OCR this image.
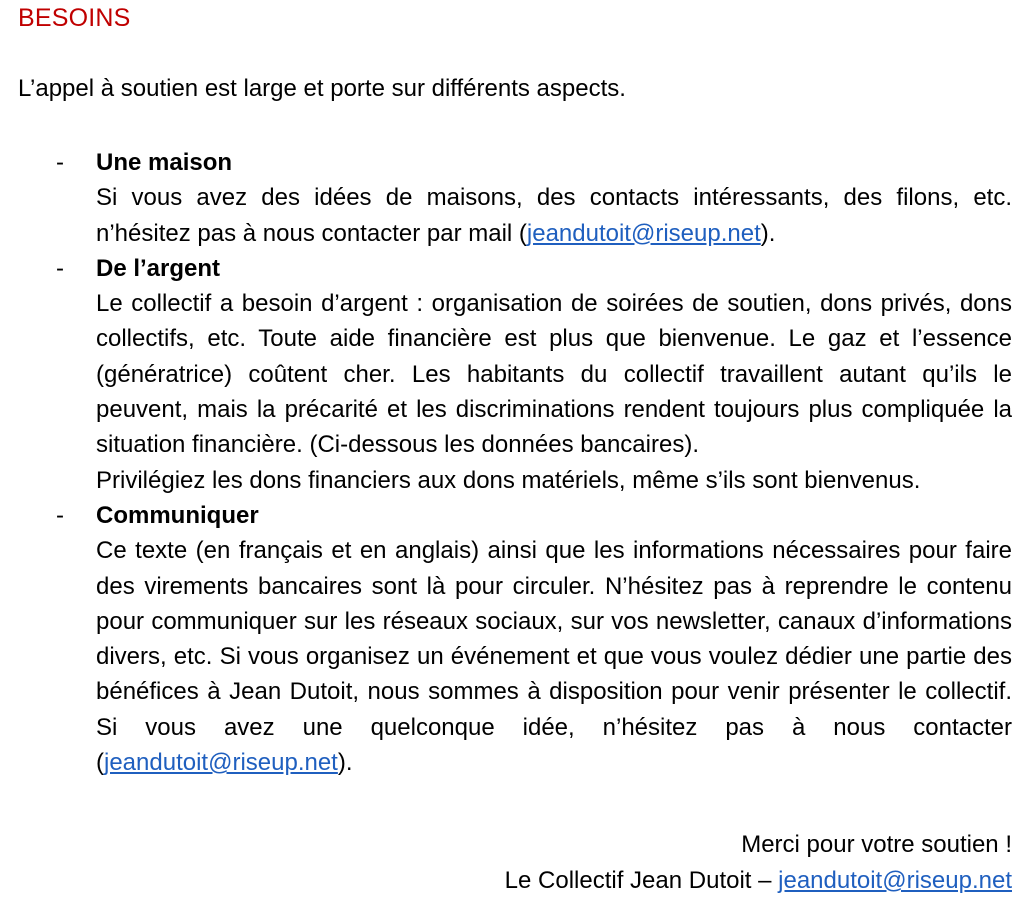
BESOINS
L’appel à soutien est large et porte sur différents aspects.
- Une maison
Si vous avez des idées de maisons, des contacts intéressants, des filons, etc. n’hésitez pas à nous contacter par mail (jeandutoit@riseup.net).
- De l’argent
Le collectif a besoin d’argent : organisation de soirées de soutien, dons privés, dons collectifs, etc. Toute aide financière est plus que bienvenue. Le gaz et l’essence (génératrice) coûtent cher. Les habitants du collectif travaillent autant qu’ils le peuvent, mais la précarité et les discriminations rendent toujours plus compliquée la situation financière. (Ci-dessous les données bancaires).
Privilégiez les dons financiers aux dons matériels, même s’ils sont bienvenus.
- Communiquer
Ce texte (en français et en anglais) ainsi que les informations nécessaires pour faire des virements bancaires sont là pour circuler. N’hésitez pas à reprendre le contenu pour communiquer sur les réseaux sociaux, sur vos newsletter, canaux d’informations divers, etc. Si vous organisez un événement et que vous voulez dédier une partie des bénéfices à Jean Dutoit, nous sommes à disposition pour venir présenter le collectif. Si vous avez une quelconque idée, n’hésitez pas à nous contacter (jeandutoit@riseup.net).
Merci pour votre soutien !
Le Collectif Jean Dutoit – jeandutoit@riseup.net
